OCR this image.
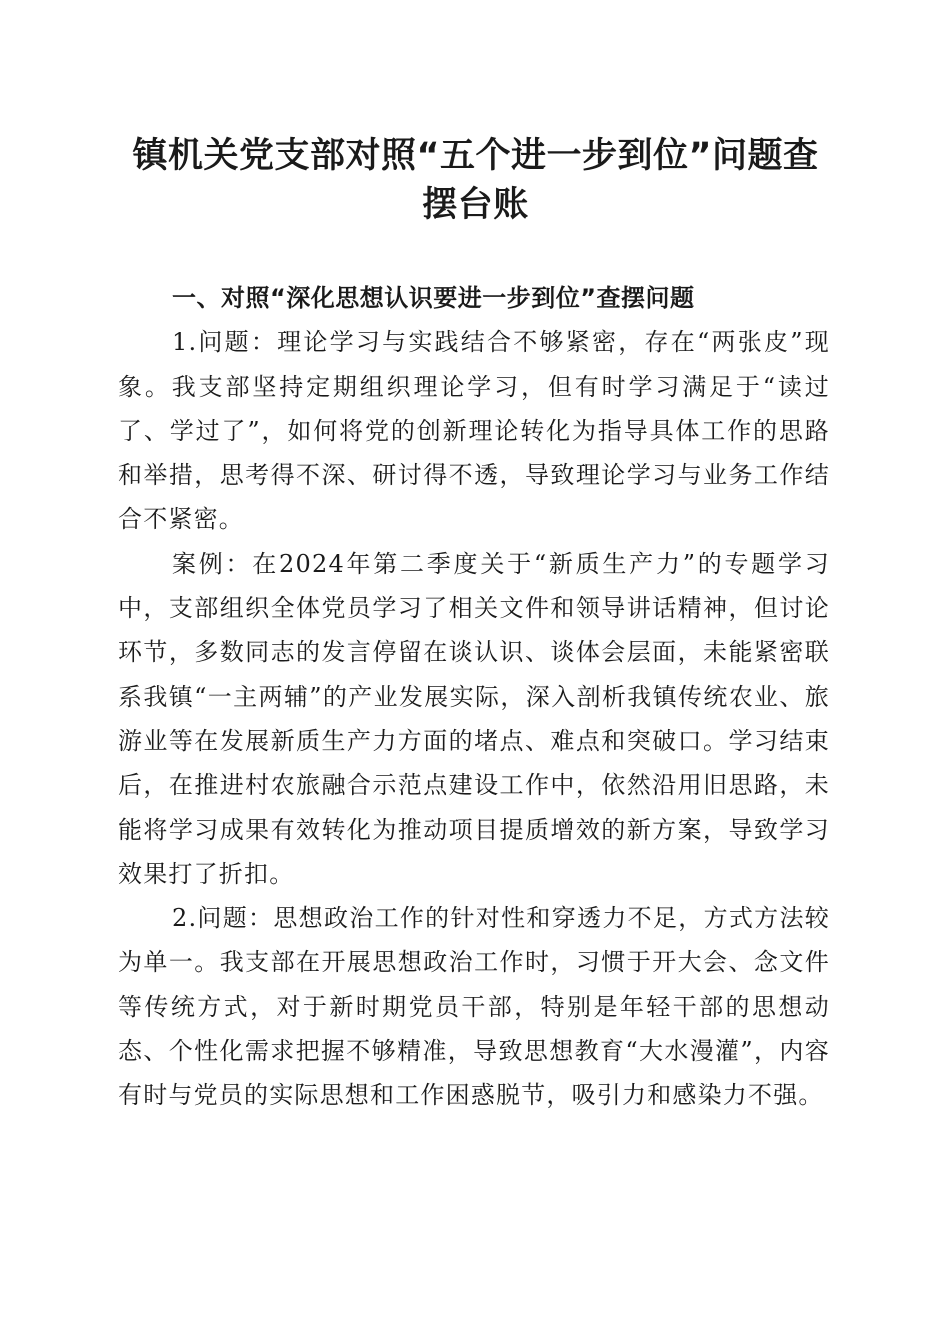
镇机关党支部对照“五个进一步到位”问题查
摆台账

一、对照“深化思想认识要进一步到位”查摆问题

1.问题：理论学习与实践结合不够紧密，存在“两张皮”现象。我支部坚持定期组织理论学习，但有时学习满足于“读过了、学过了”，如何将党的创新理论转化为指导具体工作的思路和举措，思考得不深、研讨得不透，导致理论学习与业务工作结合不紧密。

案例：在2024年第二季度关于“新质生产力”的专题学习中，支部组织全体党员学习了相关文件和领导讲话精神，但讨论环节，多数同志的发言停留在谈认识、谈体会层面，未能紧密联系我镇“一主两辅”的产业发展实际，深入剖析我镇传统农业、旅游业等在发展新质生产力方面的堵点、难点和突破口。学习结束后，在推进村农旅融合示范点建设工作中，依然沿用旧思路，未能将学习成果有效转化为推动项目提质增效的新方案，导致学习效果打了折扣。

2.问题：思想政治工作的针对性和穿透力不足，方式方法较为单一。我支部在开展思想政治工作时，习惯于开大会、念文件等传统方式，对于新时期党员干部，特别是年轻干部的思想动态、个性化需求把握不够精准，导致思想教育“大水漫灌”，内容有时与党员的实际思想和工作困惑脱节，吸引力和感染力不强。
